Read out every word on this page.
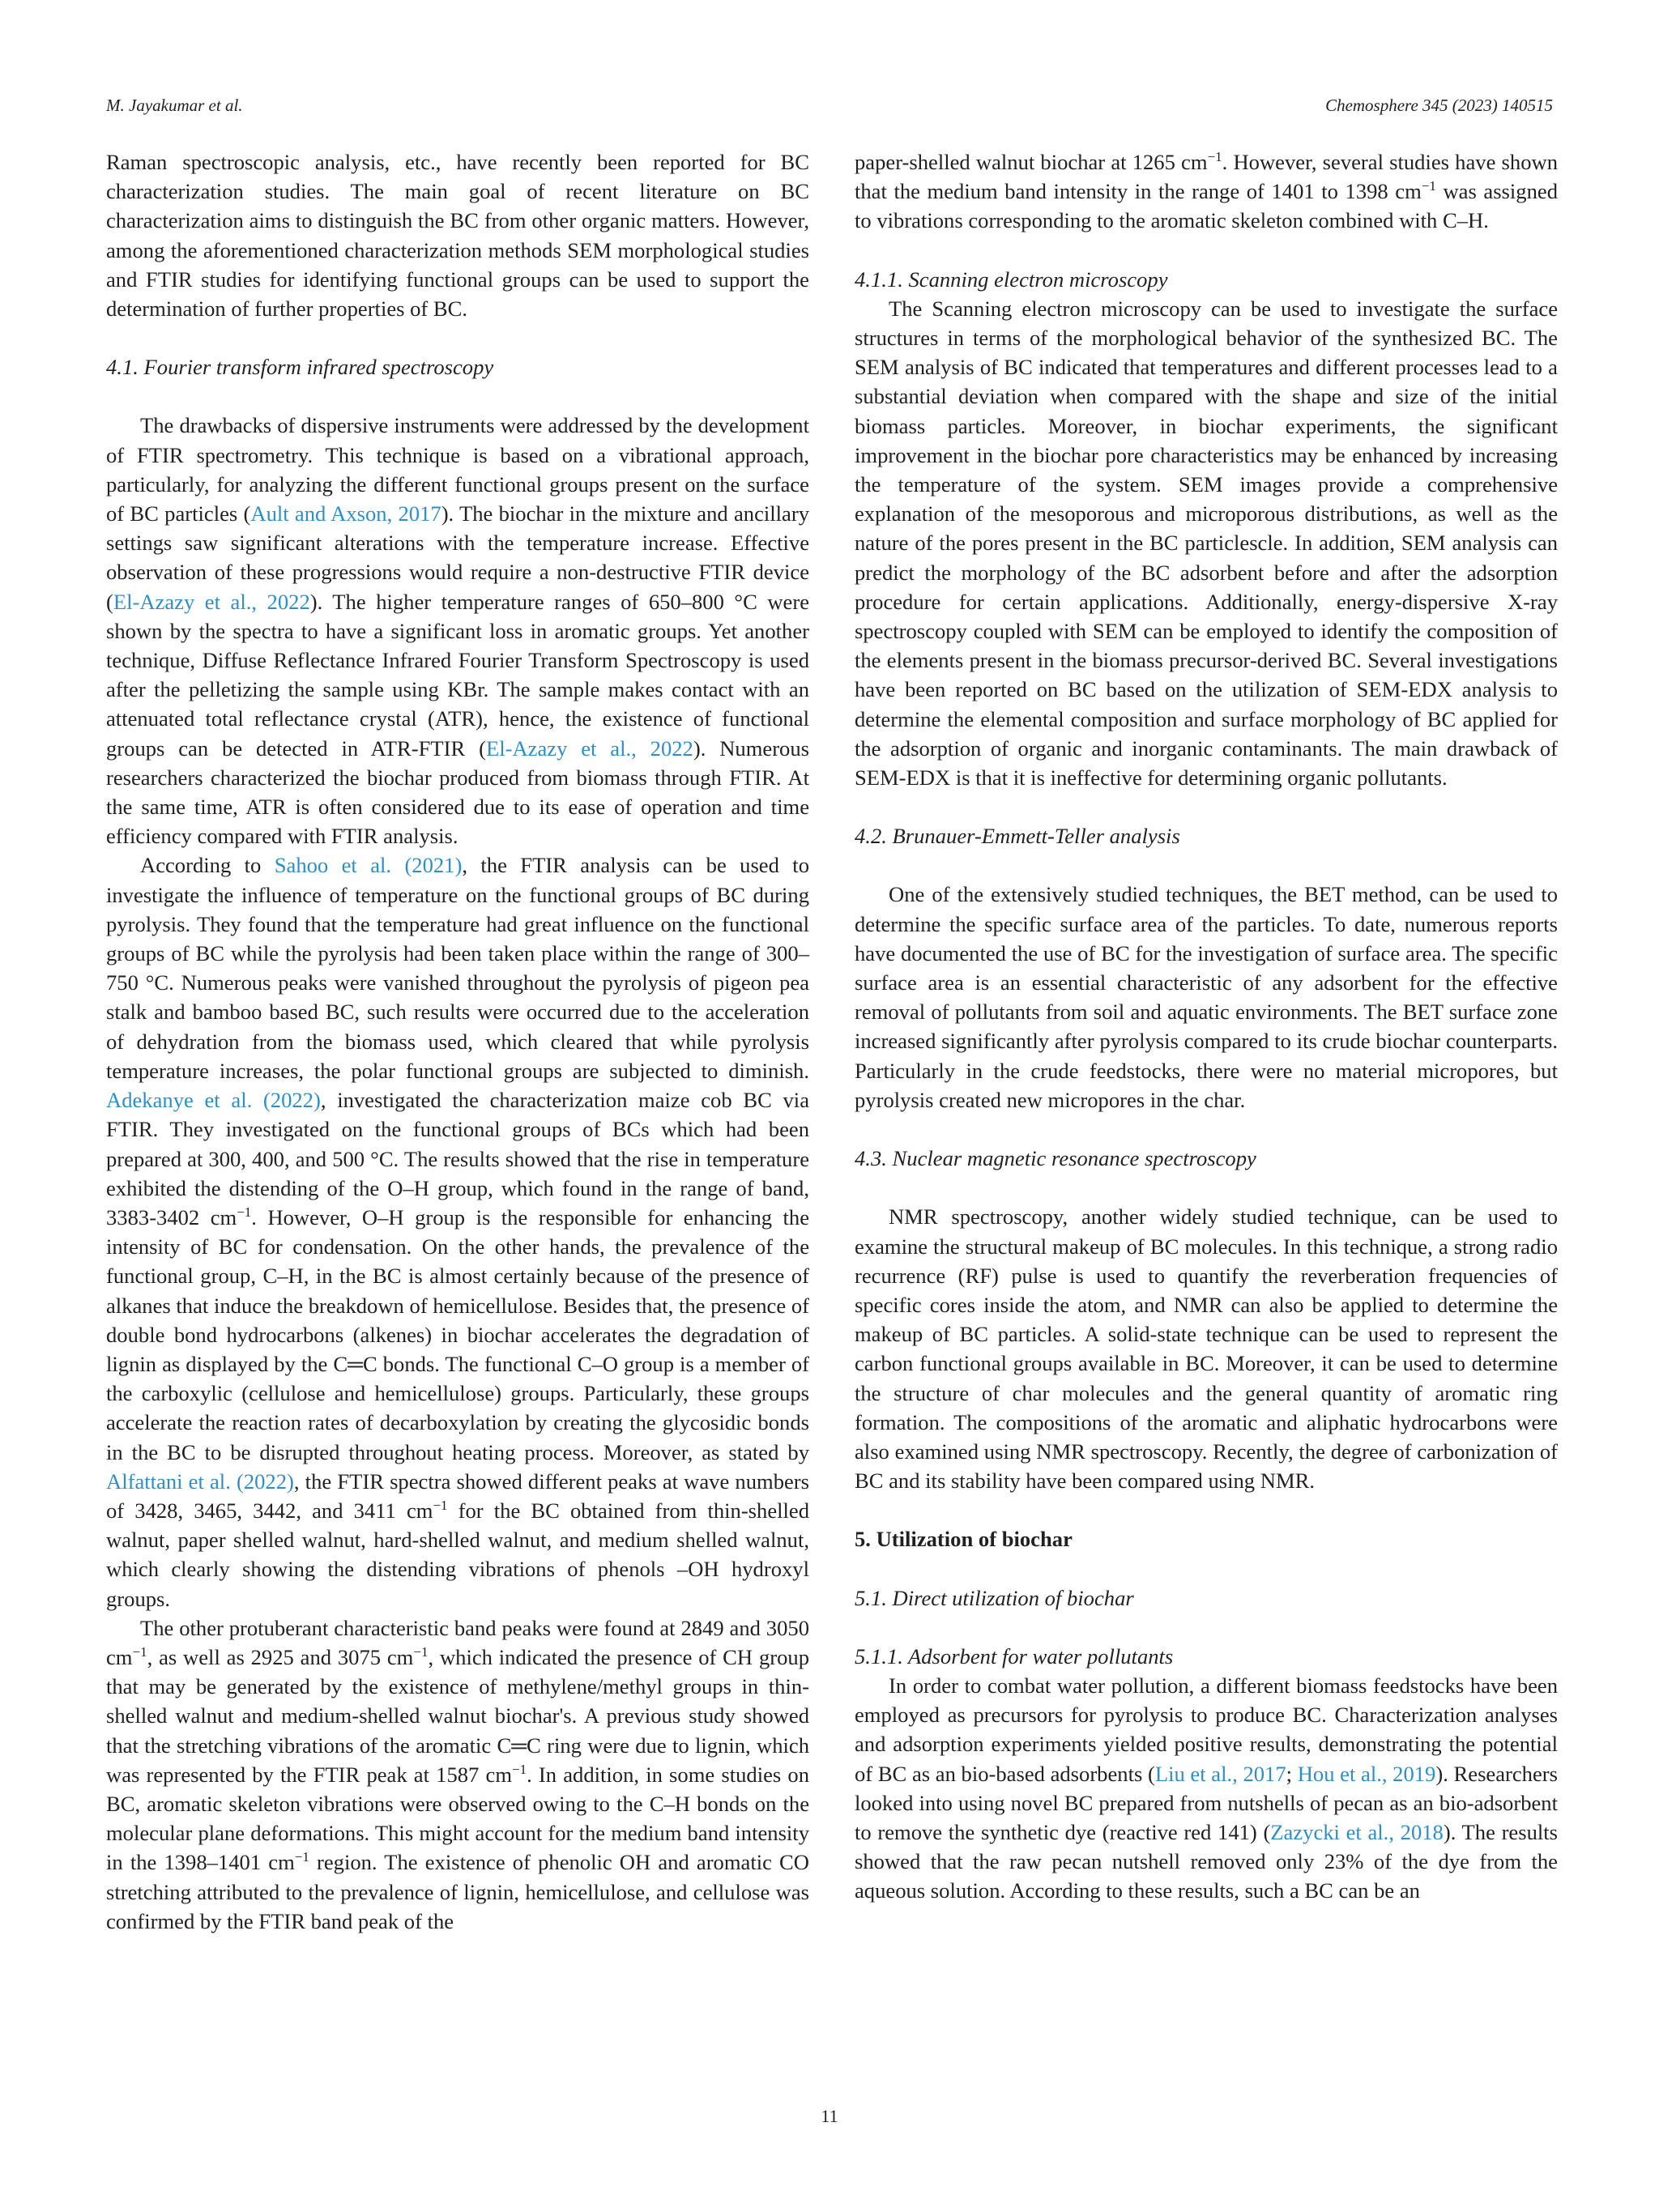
M. Jayakumar et al.	Chemosphere 345 (2023) 140515

Raman spectroscopic analysis, etc., have recently been reported for BC characterization studies. The main goal of recent literature on BC characterization aims to distinguish the BC from other organic matters. However, among the aforementioned characterization methods SEM morphological studies and FTIR studies for identifying functional groups can be used to support the determination of further properties of BC.

4.1. Fourier transform infrared spectroscopy

The drawbacks of dispersive instruments were addressed by the development of FTIR spectrometry. This technique is based on a vibrational approach, particularly, for analyzing the different functional groups present on the surface of BC particles (Ault and Axson, 2017). The biochar in the mixture and ancillary settings saw significant alterations with the temperature increase. Effective observation of these progressions would require a non-destructive FTIR device (El-Azazy et al., 2022). The higher temperature ranges of 650–800 °C were shown by the spectra to have a significant loss in aromatic groups. Yet another technique, Diffuse Reflectance Infrared Fourier Transform Spectroscopy is used after the pelletizing the sample using KBr. The sample makes contact with an attenuated total reflectance crystal (ATR), hence, the existence of functional groups can be detected in ATR-FTIR (El-Azazy et al., 2022). Numerous researchers characterized the biochar produced from biomass through FTIR. At the same time, ATR is often considered due to its ease of operation and time efficiency compared with FTIR analysis.

According to Sahoo et al. (2021), the FTIR analysis can be used to investigate the influence of temperature on the functional groups of BC during pyrolysis. They found that the temperature had great influence on the functional groups of BC while the pyrolysis had been taken place within the range of 300–750 °C. Numerous peaks were vanished throughout the pyrolysis of pigeon pea stalk and bamboo based BC, such results were occurred due to the acceleration of dehydration from the biomass used, which cleared that while pyrolysis temperature increases, the polar functional groups are subjected to diminish. Adekanye et al. (2022), investigated the characterization maize cob BC via FTIR. They investigated on the functional groups of BCs which had been prepared at 300, 400, and 500 °C. The results showed that the rise in temperature exhibited the distending of the O–H group, which found in the range of band, 3383-3402 $cm^{-1}$. However, O–H group is the responsible for enhancing the intensity of BC for condensation. On the other hands, the prevalence of the functional group, C–H, in the BC is almost certainly because of the presence of alkanes that induce the breakdown of hemicellulose. Besides that, the presence of double bond hydrocarbons (alkenes) in biochar accelerates the degradation of lignin as displayed by the C═C bonds. The functional C–O group is a member of the carboxylic (cellulose and hemicellulose) groups. Particularly, these groups accelerate the reaction rates of decarboxylation by creating the glycosidic bonds in the BC to be disrupted throughout heating process. Moreover, as stated by Alfattani et al. (2022), the FTIR spectra showed different peaks at wave numbers of 3428, 3465, 3442, and 3411 $cm^{-1}$ for the BC obtained from thin-shelled walnut, paper shelled walnut, hard-shelled walnut, and medium shelled walnut, which clearly showing the distending vibrations of phenols –OH hydroxyl groups.

The other protuberant characteristic band peaks were found at 2849 and 3050 $cm^{-1}$, as well as 2925 and 3075 $cm^{-1}$, which indicated the presence of CH group that may be generated by the existence of methylene/methyl groups in thin-shelled walnut and medium-shelled walnut biochar's. A previous study showed that the stretching vibrations of the aromatic C═C ring were due to lignin, which was represented by the FTIR peak at 1587 $cm^{-1}$. In addition, in some studies on BC, aromatic skeleton vibrations were observed owing to the C–H bonds on the molecular plane deformations. This might account for the medium band intensity in the 1398–1401 $cm^{-1}$ region. The existence of phenolic OH and aromatic CO stretching attributed to the prevalence of lignin, hemicellulose, and cellulose was confirmed by the FTIR band peak of the

paper-shelled walnut biochar at 1265 $cm^{-1}$. However, several studies have shown that the medium band intensity in the range of 1401 to 1398 $cm^{-1}$ was assigned to vibrations corresponding to the aromatic skeleton combined with C–H.

4.1.1. Scanning electron microscopy

The Scanning electron microscopy can be used to investigate the surface structures in terms of the morphological behavior of the synthesized BC. The SEM analysis of BC indicated that temperatures and different processes lead to a substantial deviation when compared with the shape and size of the initial biomass particles. Moreover, in biochar experiments, the significant improvement in the biochar pore characteristics may be enhanced by increasing the temperature of the system. SEM images provide a comprehensive explanation of the mesoporous and microporous distributions, as well as the nature of the pores present in the BC particlescle. In addition, SEM analysis can predict the morphology of the BC adsorbent before and after the adsorption procedure for certain applications. Additionally, energy-dispersive X-ray spectroscopy coupled with SEM can be employed to identify the composition of the elements present in the biomass precursor-derived BC. Several investigations have been reported on BC based on the utilization of SEM-EDX analysis to determine the elemental composition and surface morphology of BC applied for the adsorption of organic and inorganic contaminants. The main drawback of SEM-EDX is that it is ineffective for determining organic pollutants.

4.2. Brunauer-Emmett-Teller analysis

One of the extensively studied techniques, the BET method, can be used to determine the specific surface area of the particles. To date, numerous reports have documented the use of BC for the investigation of surface area. The specific surface area is an essential characteristic of any adsorbent for the effective removal of pollutants from soil and aquatic environments. The BET surface zone increased significantly after pyrolysis compared to its crude biochar counterparts. Particularly in the crude feedstocks, there were no material micropores, but pyrolysis created new micropores in the char.

4.3. Nuclear magnetic resonance spectroscopy

NMR spectroscopy, another widely studied technique, can be used to examine the structural makeup of BC molecules. In this technique, a strong radio recurrence (RF) pulse is used to quantify the reverberation frequencies of specific cores inside the atom, and NMR can also be applied to determine the makeup of BC particles. A solid-state technique can be used to represent the carbon functional groups available in BC. Moreover, it can be used to determine the structure of char molecules and the general quantity of aromatic ring formation. The compositions of the aromatic and aliphatic hydrocarbons were also examined using NMR spectroscopy. Recently, the degree of carbonization of BC and its stability have been compared using NMR.

5. Utilization of biochar
5.1. Direct utilization of biochar
5.1.1. Adsorbent for water pollutants

In order to combat water pollution, a different biomass feedstocks have been employed as precursors for pyrolysis to produce BC. Characterization analyses and adsorption experiments yielded positive results, demonstrating the potential of BC as an bio-based adsorbents (Liu et al., 2017; Hou et al., 2019). Researchers looked into using novel BC prepared from nutshells of pecan as an bio-adsorbent to remove the synthetic dye (reactive red 141) (Zazycki et al., 2018). The results showed that the raw pecan nutshell removed only 23% of the dye from the aqueous solution. According to these results, such a BC can be an

11
